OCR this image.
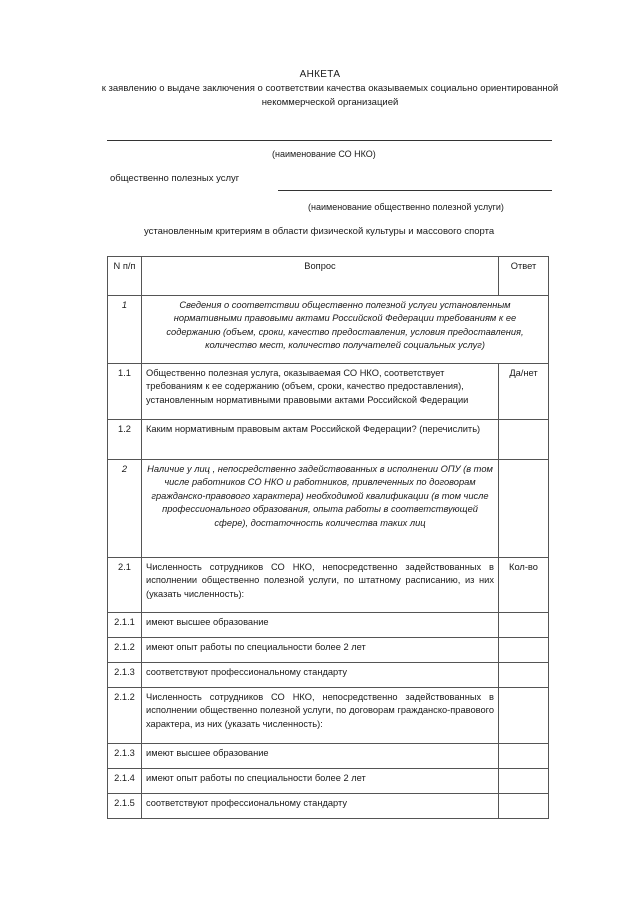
АНКЕТА
к заявлению о выдаче заключения о соответствии качества оказываемых социально ориентированной некоммерческой организацией
(наименование СО НКО)
общественно полезных услуг
(наименование общественно полезной услуги)
установленным критериям в области физической культуры и массового спорта
N п/п	Вопрос	Ответ
1	Сведения о соответствии общественно полезной услуги установленным нормативными правовыми актами Российской Федерации требованиям к ее содержанию (объем, сроки, качество предоставления, условия предоставления, количество мест, количество получателей социальных услуг)	
1.1	Общественно полезная услуга, оказываемая СО НКО, соответствует требованиям к ее содержанию (объем, сроки, качество предоставления), установленным нормативными правовыми актами Российской Федерации	Да/нет
1.2	Каким нормативным правовым актам Российской Федерации? (перечислить)	
2	Наличие у лиц , непосредственно задействованных в исполнении ОПУ (в том числе работников СО НКО и работников, привлеченных по договорам гражданско-правового характера) необходимой квалификации (в том числе профессионального образования, опыта работы в соответствующей сфере), достаточность количества таких лиц	
2.1	Численность сотрудников СО НКО, непосредственно задействованных в исполнении общественно полезной услуги, по штатному расписанию, из них (указать численность):	Кол-во
2.1.1	имеют высшее образование	
2.1.2	имеют опыт работы по специальности более 2 лет	
2.1.3	соответствуют профессиональному стандарту	
2.1.2	Численность сотрудников СО НКО, непосредственно задействованных в исполнении общественно полезной услуги, по договорам гражданско-правового характера, из них (указать численность):	
2.1.3	имеют высшее образование	
2.1.4	имеют опыт работы по специальности более 2 лет	
2.1.5	соответствуют профессиональному стандарту	
